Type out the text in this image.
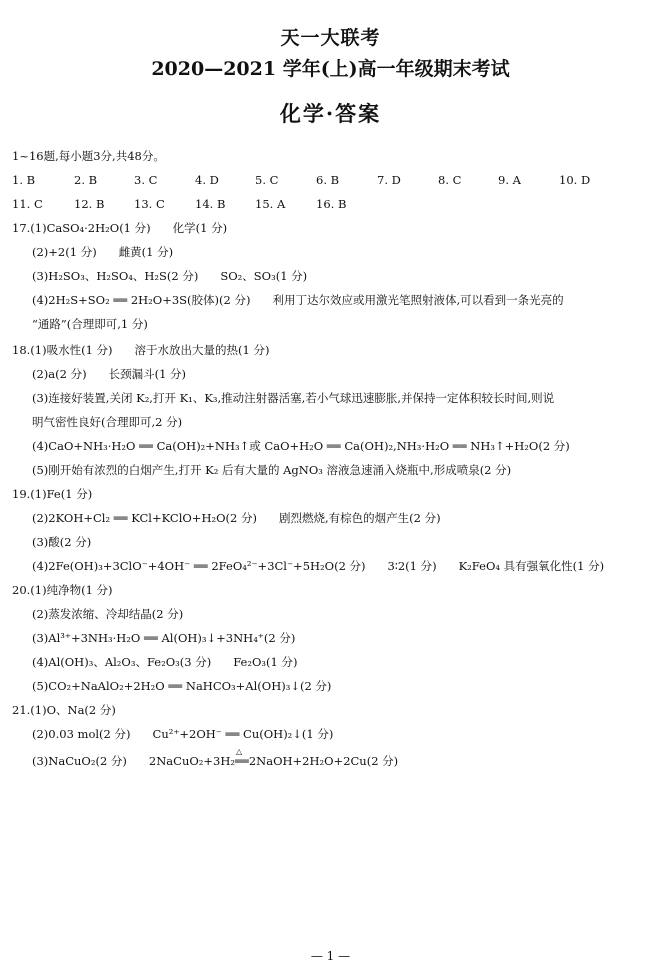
天一大联考
2020—2021 学年(上)高一年级期末考试
化学·答案
1~16题,每小题3分,共48分。
1. B	2. B	3. C	4. D	5. C	6. B	7. D	8. C	9. A	10. D
11. C	12. B	13. C	14. B	15. A	16. B
17.(1)CaSO₄·2H₂O(1 分) 化学(1 分)
(2)+2(1 分) 雌黄(1 分)
(3)H₂SO₃、H₂SO₄、H₂S(2 分) SO₂、SO₃(1 分)
(4)2H₂S+SO₂ ══ 2H₂O+3S(胶体)(2 分) 利用丁达尔效应或用激光笔照射液体,可以看到一条光亮的
“通路”(合理即可,1 分)
18.(1)吸水性(1 分) 溶于水放出大量的热(1 分)
(2)a(2 分) 长颈漏斗(1 分)
(3)连接好装置,关闭 K₂,打开 K₁、K₃,推动注射器活塞,若小气球迅速膨胀,并保持一定体积较长时间,则说
明气密性良好(合理即可,2 分)
(4)CaO+NH₃·H₂O ══ Ca(OH)₂+NH₃↑或 CaO+H₂O ══ Ca(OH)₂,NH₃·H₂O ══ NH₃↑+H₂O(2 分)
(5)刚开始有浓烈的白烟产生,打开 K₂ 后有大量的 AgNO₃ 溶液急速涌入烧瓶中,形成喷泉(2 分)
19.(1)Fe(1 分)
(2)2KOH+Cl₂ ══ KCl+KClO+H₂O(2 分) 剧烈燃烧,有棕色的烟产生(2 分)
(3)酸(2 分)
(4)2Fe(OH)₃+3ClO⁻+4OH⁻ ══ 2FeO₄²⁻+3Cl⁻+5H₂O(2 分) 3∶2(1 分) K₂FeO₄ 具有强氧化性(1 分)
20.(1)纯净物(1 分)
(2)蒸发浓缩、冷却结晶(2 分)
(3)Al³⁺+3NH₃·H₂O ══ Al(OH)₃↓+3NH₄⁺(2 分)
(4)Al(OH)₃、Al₂O₃、Fe₂O₃(3 分) Fe₂O₃(1 分)
(5)CO₂+NaAlO₂+2H₂O ══ NaHCO₃+Al(OH)₃↓(2 分)
21.(1)O、Na(2 分)
(2)0.03 mol(2 分) Cu²⁺+2OH⁻ ══ Cu(OH)₂↓(1 分)
(3)NaCuO₂(2 分) 2NaCuO₂+3H₂
△
══2NaOH+2H₂O+2Cu(2 分)
— 1 —
